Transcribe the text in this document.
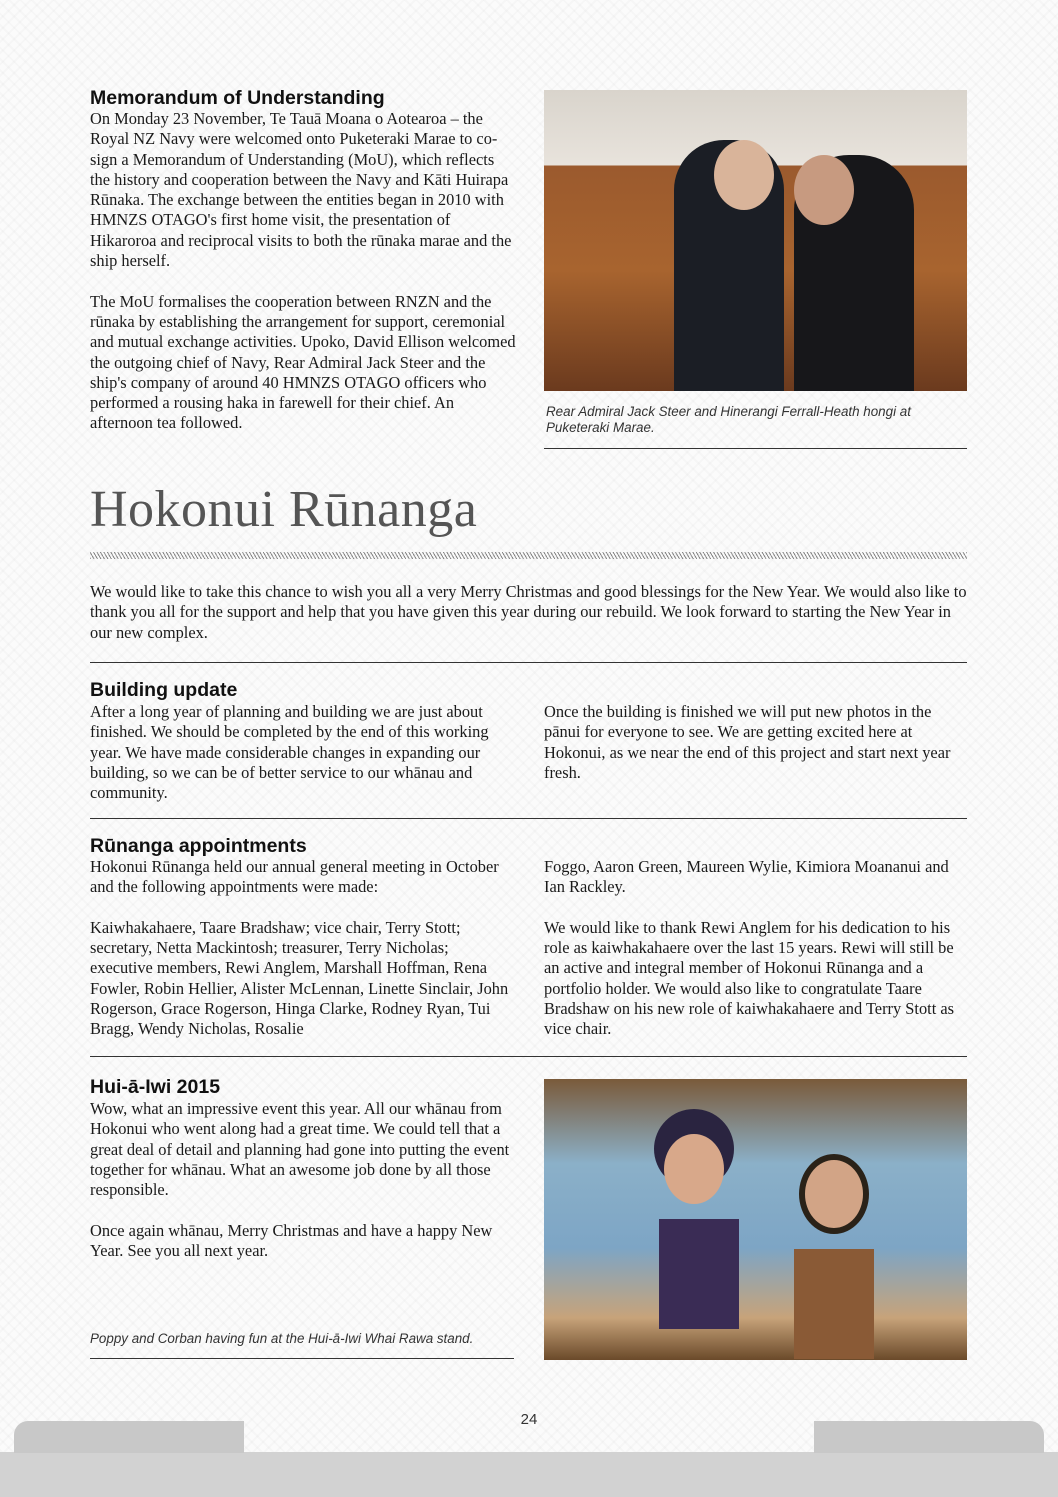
Memorandum of Understanding

On Monday 23 November, Te Tauā Moana o Aotearoa – the Royal NZ Navy were welcomed onto Puketeraki Marae to co-sign a Memorandum of Understanding (MoU), which reflects the history and cooperation between the Navy and Kāti Huirapa Rūnaka. The exchange between the entities began in 2010 with HMNZS OTAGO's first home visit, the presentation of Hikaroroa and reciprocal visits to both the rūnaka marae and the ship herself.

The MoU formalises the cooperation between RNZN and the rūnaka by establishing the arrangement for support, ceremonial and mutual exchange activities. Upoko, David Ellison welcomed the outgoing chief of Navy, Rear Admiral Jack Steer and the ship's company of around 40 HMNZS OTAGO officers who performed a rousing haka in farewell for their chief. An afternoon tea followed.

Rear Admiral Jack Steer and Hinerangi Ferrall-Heath hongi at Puketeraki Marae.
Hokonui Rūnanga
We would like to take this chance to wish you all a very Merry Christmas and good blessings for the New Year. We would also like to thank you all for the support and help that you have given this year during our rebuild. We look forward to starting the New Year in our new complex.
Building update
After a long year of planning and building we are just about finished. We should be completed by the end of this working year. We have made considerable changes in expanding our building, so we can be of better service to our whānau and community.
Once the building is finished we will put new photos in the pānui for everyone to see. We are getting excited here at Hokonui, as we near the end of this project and start next year fresh.
Rūnanga appointments

Hokonui Rūnanga held our annual general meeting in October and the following appointments were made:

Kaiwhakahaere, Taare Bradshaw; vice chair, Terry Stott; secretary, Netta Mackintosh; treasurer, Terry Nicholas; executive members, Rewi Anglem, Marshall Hoffman, Rena Fowler, Robin Hellier, Alister McLennan, Linette Sinclair, John Rogerson, Grace Rogerson, Hinga Clarke, Rodney Ryan, Tui Bragg, Wendy Nicholas, Rosalie

Foggo, Aaron Green, Maureen Wylie, Kimiora Moananui and Ian Rackley.

We would like to thank Rewi Anglem for his dedication to his role as kaiwhakahaere over the last 15 years. Rewi will still be an active and integral member of Hokonui Rūnanga and a portfolio holder. We would also like to congratulate Taare Bradshaw on his new role of kaiwhakahaere and Terry Stott as vice chair.

Hui-ā-Iwi 2015

Wow, what an impressive event this year. All our whānau from Hokonui who went along had a great time. We could tell that a great deal of detail and planning had gone into putting the event together for whānau. What an awesome job done by all those responsible.

Once again whānau, Merry Christmas and have a happy New Year. See you all next year.

Poppy and Corban having fun at the Hui-ā-Iwi Whai Rawa stand.
24
